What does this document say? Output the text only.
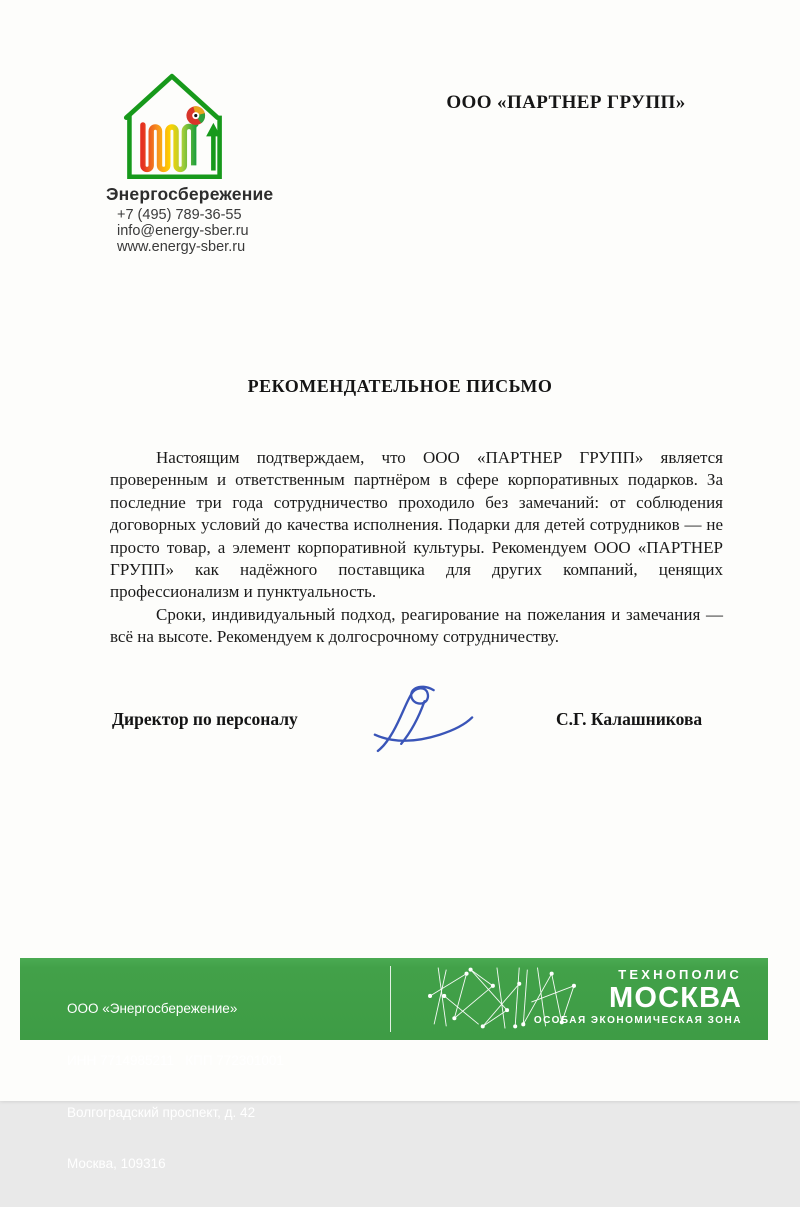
Энергосбережение
+7 (495) 789-36-55
info@energy-sber.ru
www.energy-sber.ru
ООО «ПАРТНЕР ГРУПП»
РЕКОМЕНДАТЕЛЬНОЕ ПИСЬМО

Настоящим подтверждаем, что ООО «ПАРТНЕР ГРУПП» является проверенным и ответственным партнёром в сфере корпоративных подарков. За последние три года сотрудничество проходило без замечаний: от соблюдения договорных условий до качества исполнения. Подарки для детей сотрудников — не просто товар, а элемент корпоративной культуры. Рекомендуем ООО «ПАРТНЕР ГРУПП» как надёжного поставщика для других компаний, ценящих профессионализм и пунктуальность.

Сроки, индивидуальный подход, реагирование на пожелания и замечания — всё на высоте. Рекомендуем к долгосрочному сотрудничеству.

Директор по персоналу	С.Г. Калашникова

ООО «Энергосбережение»

ИНН 7714985211   КПП 772301001

Волгоградский проспект, д. 42

Москва, 109316

ТЕХНОПОЛИС
МОСКВА
ОСОБАЯ ЭКОНОМИЧЕСКАЯ ЗОНА
